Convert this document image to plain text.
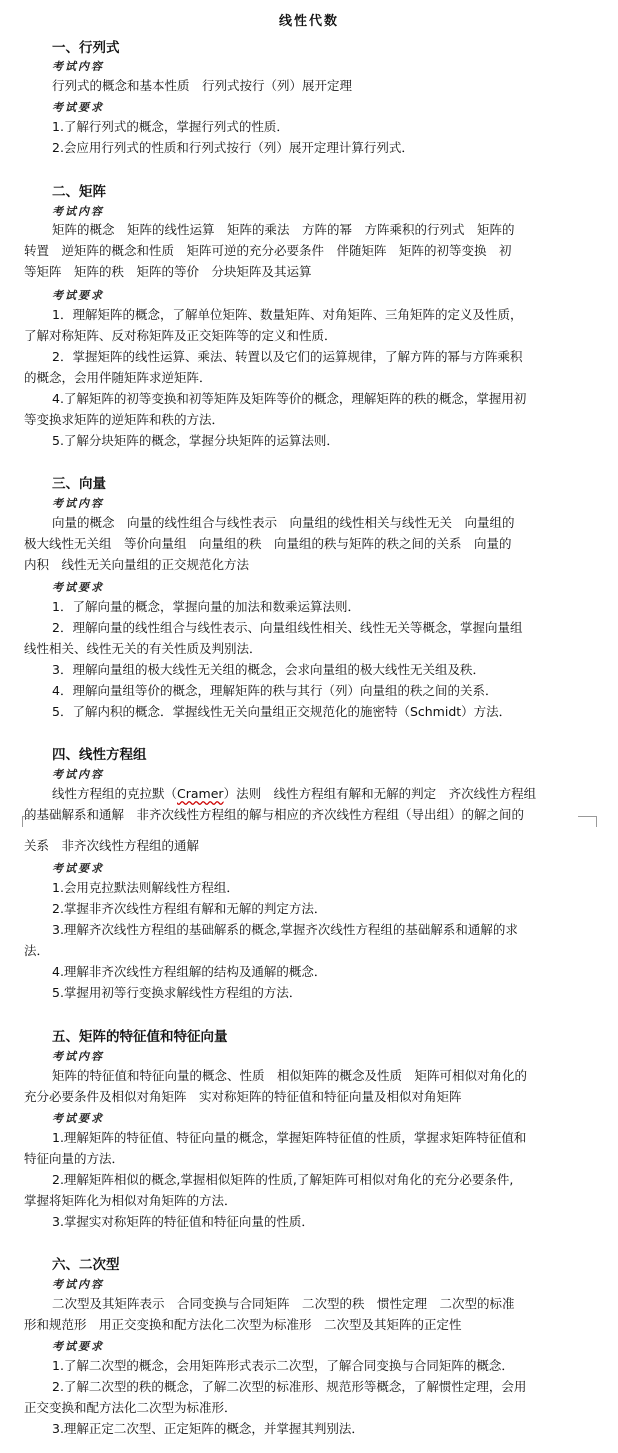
线性代数
一、行列式
考试内容
行列式的概念和基本性质　行列式按行（列）展开定理
考试要求
1.了解行列式的概念，掌握行列式的性质．
2.会应用行列式的性质和行列式按行（列）展开定理计算行列式．
二、矩阵
考试内容
矩阵的概念　矩阵的线性运算　矩阵的乘法　方阵的幂　方阵乘积的行列式　矩阵的
转置　逆矩阵的概念和性质　矩阵可逆的充分必要条件　伴随矩阵　矩阵的初等变换　初
等矩阵　矩阵的秩　矩阵的等价　分块矩阵及其运算
考试要求
1．理解矩阵的概念，了解单位矩阵、数量矩阵、对角矩阵、三角矩阵的定义及性质，
了解对称矩阵、反对称矩阵及正交矩阵等的定义和性质．
2．掌握矩阵的线性运算、乘法、转置以及它们的运算规律，了解方阵的幂与方阵乘积
的概念，会用伴随矩阵求逆矩阵．
4.了解矩阵的初等变换和初等矩阵及矩阵等价的概念，理解矩阵的秩的概念，掌握用初
等变换求矩阵的逆矩阵和秩的方法．
5.了解分块矩阵的概念，掌握分块矩阵的运算法则．
三、向量
考试内容
向量的概念　向量的线性组合与线性表示　向量组的线性相关与线性无关　向量组的
极大线性无关组　等价向量组　向量组的秩　向量组的秩与矩阵的秩之间的关系　向量的
内积　线性无关向量组的正交规范化方法
考试要求
1．了解向量的概念，掌握向量的加法和数乘运算法则．
2．理解向量的线性组合与线性表示、向量组线性相关、线性无关等概念，掌握向量组
线性相关、线性无关的有关性质及判别法．
3．理解向量组的极大线性无关组的概念，会求向量组的极大线性无关组及秩．
4．理解向量组等价的概念，理解矩阵的秩与其行（列）向量组的秩之间的关系．
5．了解内积的概念．掌握线性无关向量组正交规范化的施密特（Schmidt）方法．
四、线性方程组
考试内容
线性方程组的克拉默（Cramer）法则　线性方程组有解和无解的判定　齐次线性方程组
的基础解系和通解　非齐次线性方程组的解与相应的齐次线性方程组（导出组）的解之间的
关系　非齐次线性方程组的通解
考试要求
1.会用克拉默法则解线性方程组．
2.掌握非齐次线性方程组有解和无解的判定方法．
3.理解齐次线性方程组的基础解系的概念,掌握齐次线性方程组的基础解系和通解的求
法．
4.理解非齐次线性方程组解的结构及通解的概念．
5.掌握用初等行变换求解线性方程组的方法．
五、矩阵的特征值和特征向量
考试内容
矩阵的特征值和特征向量的概念、性质　相似矩阵的概念及性质　矩阵可相似对角化的
充分必要条件及相似对角矩阵　实对称矩阵的特征值和特征向量及相似对角矩阵
考试要求
1.理解矩阵的特征值、特征向量的概念，掌握矩阵特征值的性质，掌握求矩阵特征值和
特征向量的方法．
2.理解矩阵相似的概念,掌握相似矩阵的性质,了解矩阵可相似对角化的充分必要条件,
掌握将矩阵化为相似对角矩阵的方法．
3.掌握实对称矩阵的特征值和特征向量的性质．
六、二次型
考试内容
二次型及其矩阵表示　合同变换与合同矩阵　二次型的秩　惯性定理　二次型的标准
形和规范形　用正交变换和配方法化二次型为标准形　二次型及其矩阵的正定性
考试要求
1.了解二次型的概念，会用矩阵形式表示二次型，了解合同变换与合同矩阵的概念．
2.了解二次型的秩的概念，了解二次型的标准形、规范形等概念，了解惯性定理，会用
正交变换和配方法化二次型为标准形．
3.理解正定二次型、正定矩阵的概念，并掌握其判别法．
